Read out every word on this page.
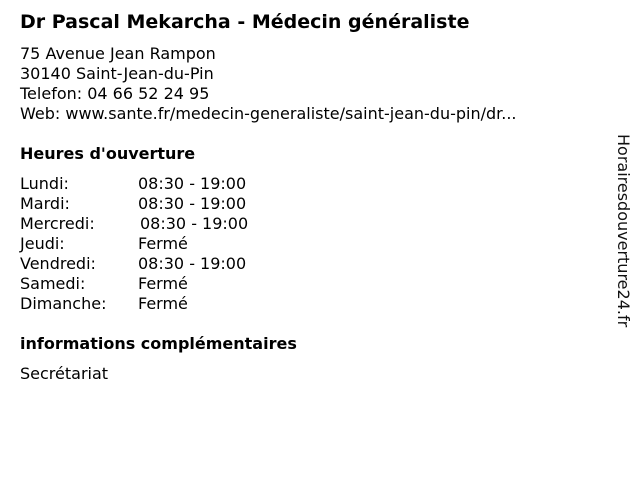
Dr Pascal Mekarcha - Médecin généraliste
75 Avenue Jean Rampon
30140 Saint-Jean-du-Pin
Telefon: 04 66 52 24 95
Web: www.sante.fr/medecin-generaliste/saint-jean-du-pin/dr...
Heures d'ouverture
Lundi:	08:30 - 19:00
Mardi:	08:30 - 19:00
Mercredi:	08:30 - 19:00
Jeudi:	Fermé
Vendredi:	08:30 - 19:00
Samedi:	Fermé
Dimanche: Fermé
informations complémentaires
Secrétariat
Horairesdouverture24.fr
